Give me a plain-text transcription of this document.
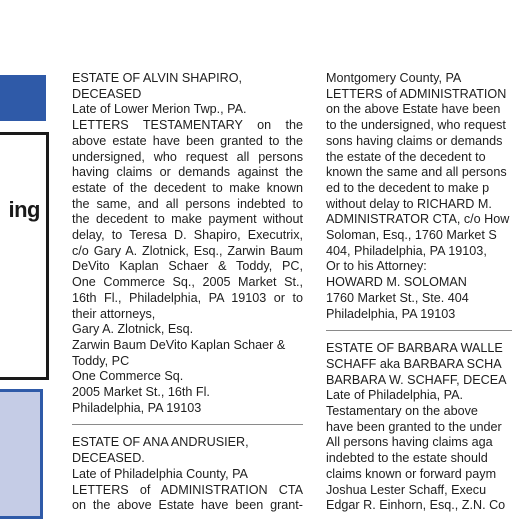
ing
ESTATE OF ALVIN SHAPIRO,
DECEASED
Late of Lower Merion Twp., PA.
LETTERS TESTAMENTARY on the
above estate have been granted to the
undersigned, who request all persons
having claims or demands against the
estate of the decedent to make known
the same, and all persons indebted to
the decedent to make payment without
delay, to Teresa D. Shapiro, Executrix,
c/o Gary A. Zlotnick, Esq., Zarwin Baum
DeVito Kaplan Schaer & Toddy, PC,
One Commerce Sq., 2005 Market St.,
16th Fl., Philadelphia, PA 19103 or to
their attorneys,
Gary A. Zlotnick, Esq.
Zarwin Baum DeVito Kaplan Schaer &
Toddy, PC
One Commerce Sq.
2005 Market St., 16th Fl.
Philadelphia, PA 19103
ESTATE OF ANA ANDRUSIER,
DECEASED.
Late of Philadelphia County, PA
LETTERS of ADMINISTRATION CTA
on the above Estate have been grant-
Montgomery County, PA
LETTERS of ADMINISTRATION
on the above Estate have been
to the undersigned, who request
sons having claims or demands
the estate of the decedent to
known the same and all persons
ed to the decedent to make p
without delay to RICHARD M.
ADMINISTRATOR CTA, c/o How
Soloman, Esq., 1760 Market S
404, Philadelphia, PA 19103,
Or to his Attorney:
HOWARD M. SOLOMAN
1760 Market St., Ste. 404
Philadelphia, PA 19103
ESTATE OF BARBARA WALLE
SCHAFF aka BARBARA SCHA
BARBARA W. SCHAFF, DECEA
Late of Philadelphia, PA.
Testamentary on the above
have been granted to the under
All persons having claims aga
indebted to the estate should
claims known or forward paym
Joshua Lester Schaff, Execu
Edgar R. Einhorn, Esq., Z.N. Co
